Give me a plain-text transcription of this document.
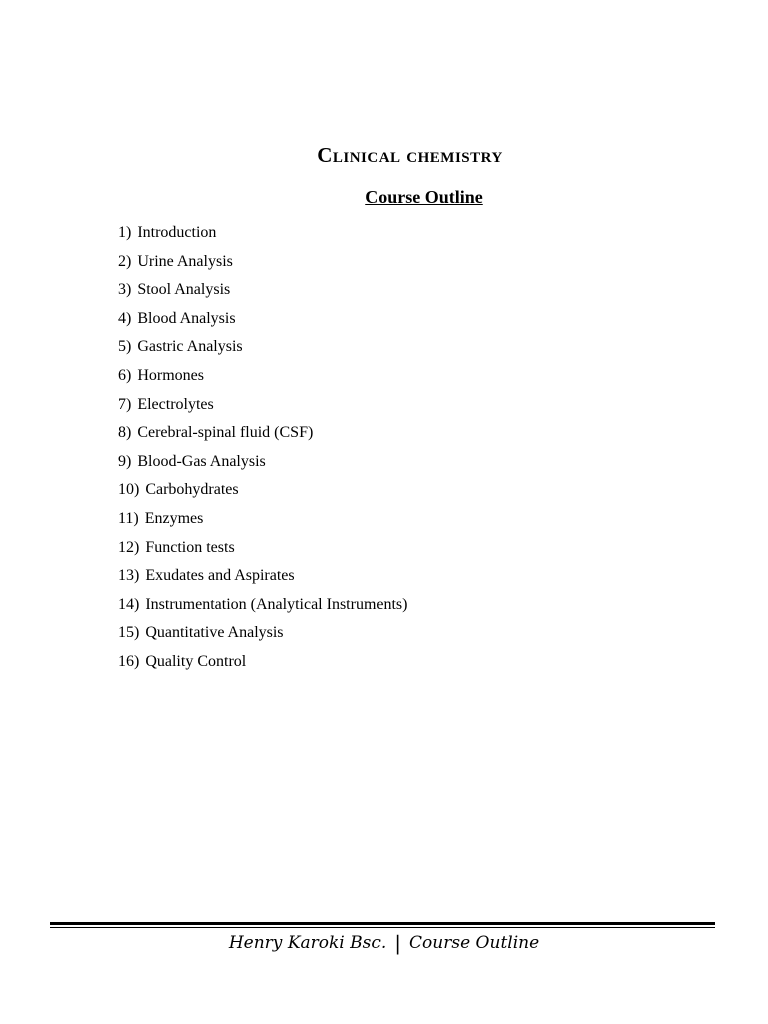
Clinical chemistry
Course Outline
1) Introduction
2) Urine Analysis
3) Stool Analysis
4) Blood Analysis
5) Gastric Analysis
6) Hormones
7) Electrolytes
8) Cerebral-spinal fluid (CSF)
9) Blood-Gas Analysis
10) Carbohydrates
11) Enzymes
12) Function tests
13) Exudates and Aspirates
14) Instrumentation (Analytical Instruments)
15) Quantitative Analysis
16) Quality Control
Henry Karoki Bsc. | Course Outline
